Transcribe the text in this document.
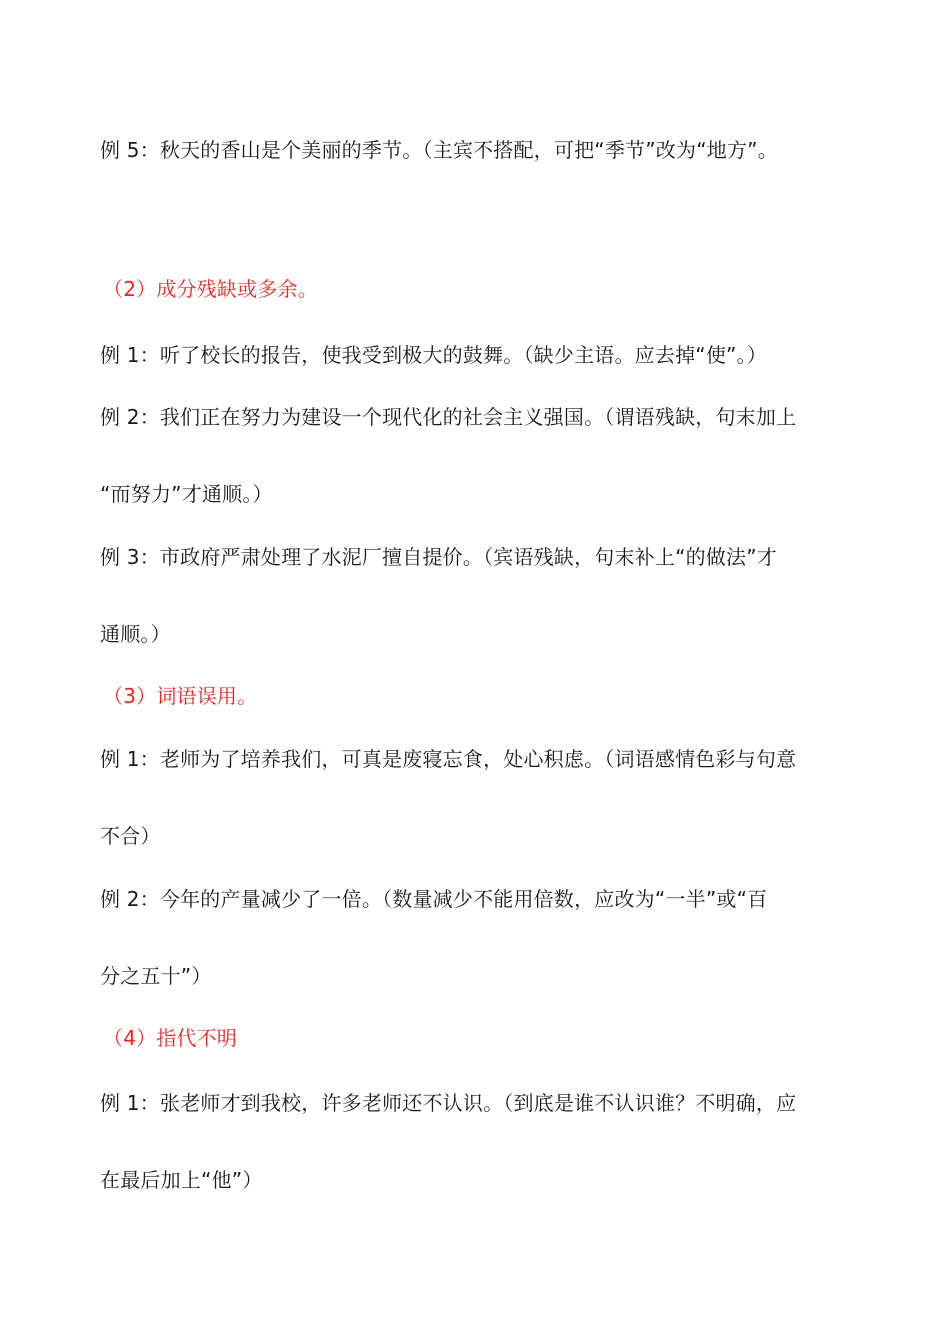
例 5：秋天的香山是个美丽的季节。（主宾不搭配，可把“季节”改为“地方”。
（2）成分残缺或多余。
例 1：听了校长的报告，使我受到极大的鼓舞。（缺少主语。应去掉“使”。）
例 2：我们正在努力为建设一个现代化的社会主义强国。（谓语残缺，句末加上
“而努力”才通顺。）
例 3：市政府严肃处理了水泥厂擅自提价。（宾语残缺，句末补上“的做法”才
通顺。）
（3）词语误用。
例 1：老师为了培养我们，可真是废寝忘食，处心积虑。（词语感情色彩与句意
不合）
例 2：今年的产量减少了一倍。（数量减少不能用倍数，应改为“一半”或“百
分之五十”）
（4）指代不明
例 1：张老师才到我校，许多老师还不认识。（到底是谁不认识谁？不明确，应
在最后加上“他”）
